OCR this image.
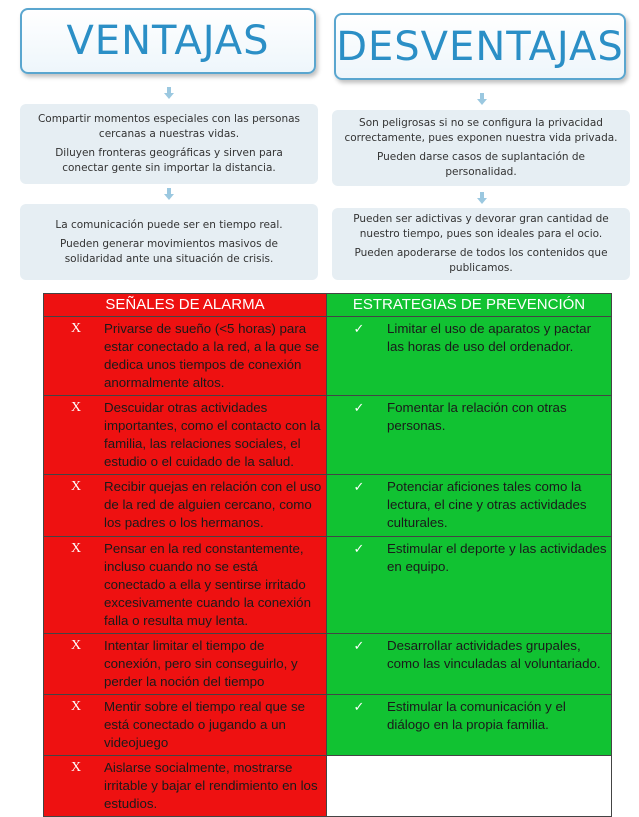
VENTAJAS	DESVENTAJAS

Compartir momentos especiales con las personas cercanas a nuestras vidas.

Diluyen fronteras geográficas y sirven para conectar gente sin importar la distancia.

La comunicación puede ser en tiempo real.

Pueden generar movimientos masivos de solidaridad ante una situación de crisis.

Son peligrosas si no se configura la privacidad correctamente, pues exponen nuestra vida privada.

Pueden darse casos de suplantación de personalidad.

Pueden ser adictivas y devorar gran cantidad de nuestro tiempo, pues son ideales para el ocio.

Pueden apoderarse de todos los contenidos que publicamos.

SEÑALES DE ALARMA	ESTRATEGIAS DE PREVENCIÓN

X Privarse de sueño (<5 horas) para estar conectado a la red, a la que se dedica unos tiempos de conexión anormalmente altos.	✓ Limitar el uso de aparatos y pactar las horas de uso del ordenador.

X Descuidar otras actividades importantes, como el contacto con la familia, las relaciones sociales, el estudio o el cuidado de la salud.	✓ Fomentar la relación con otras personas.

X Recibir quejas en relación con el uso de la red de alguien cercano, como los padres o los hermanos.	✓ Potenciar aficiones tales como la lectura, el cine y otras actividades culturales.

X Pensar en la red constantemente, incluso cuando no se está conectado a ella y sentirse irritado excesivamente cuando la conexión falla o resulta muy lenta.	✓ Estimular el deporte y las actividades en equipo.

X Intentar limitar el tiempo de conexión, pero sin conseguirlo, y perder la noción del tiempo	✓ Desarrollar actividades grupales, como las vinculadas al voluntariado.

X Mentir sobre el tiempo real que se está conectado o jugando a un videojuego	✓ Estimular la comunicación y el diálogo en la propia familia.

X Aislarse socialmente, mostrarse irritable y bajar el rendimiento en los estudios.	
